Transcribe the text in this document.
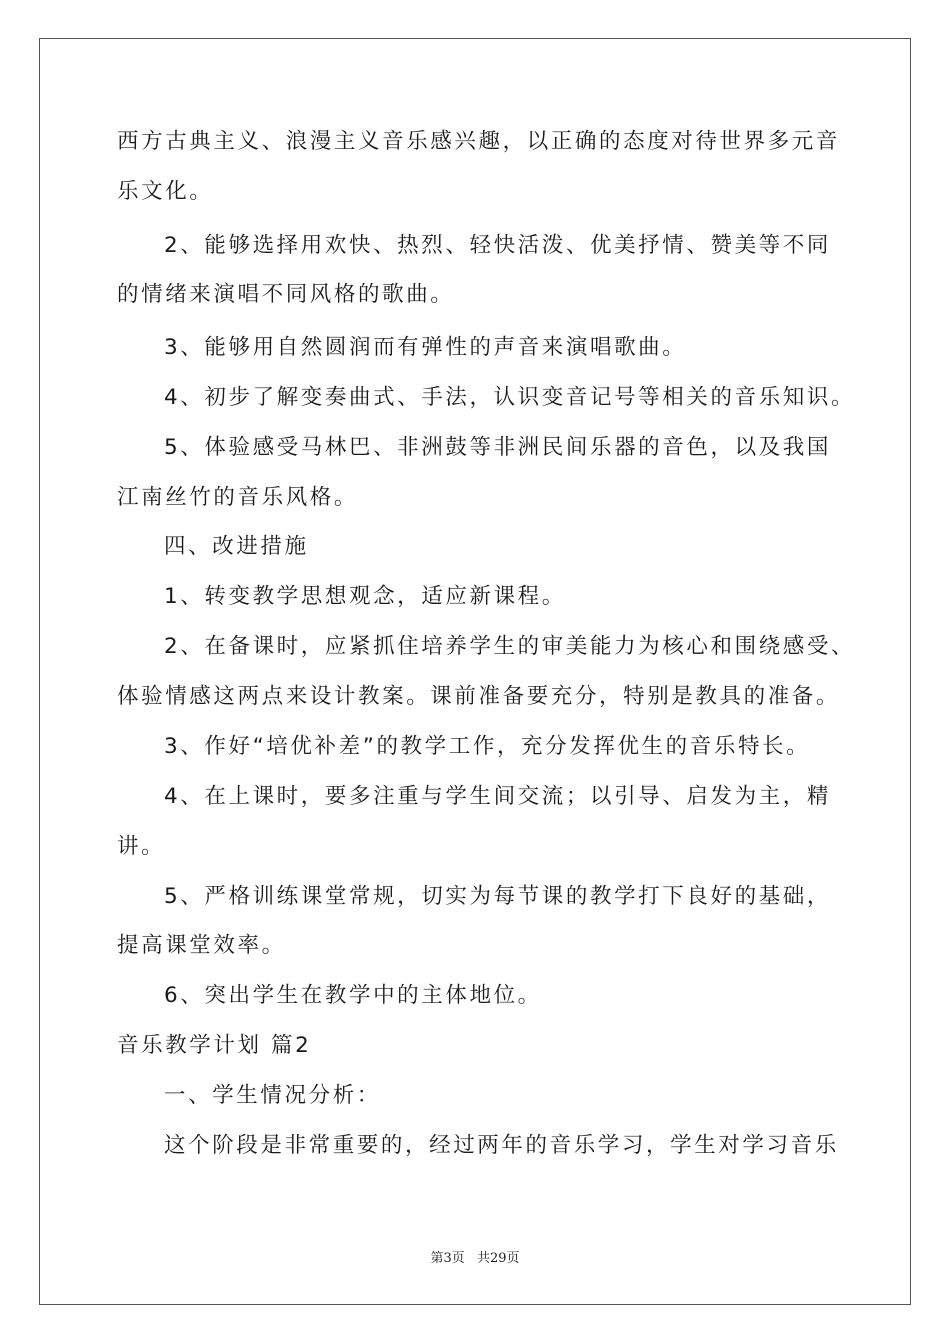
西方古典主义、浪漫主义音乐感兴趣，以正确的态度对待世界多元音
乐文化。
2、能够选择用欢快、热烈、轻快活泼、优美抒情、赞美等不同
的情绪来演唱不同风格的歌曲。
3、能够用自然圆润而有弹性的声音来演唱歌曲。
4、初步了解变奏曲式、手法，认识变音记号等相关的音乐知识。
5、体验感受马林巴、非洲鼓等非洲民间乐器的音色，以及我国
江南丝竹的音乐风格。
四、改进措施
1、转变教学思想观念，适应新课程。
2、在备课时，应紧抓住培养学生的审美能力为核心和围绕感受、
体验情感这两点来设计教案。课前准备要充分，特别是教具的准备。
3、作好“培优补差”的教学工作，充分发挥优生的音乐特长。
4、在上课时，要多注重与学生间交流；以引导、启发为主，精
讲。
5、严格训练课堂常规，切实为每节课的教学打下良好的基础，
提高课堂效率。
6、突出学生在教学中的主体地位。
音乐教学计划 篇2
一、学生情况分析：
这个阶段是非常重要的，经过两年的音乐学习，学生对学习音乐
第3页 共29页
